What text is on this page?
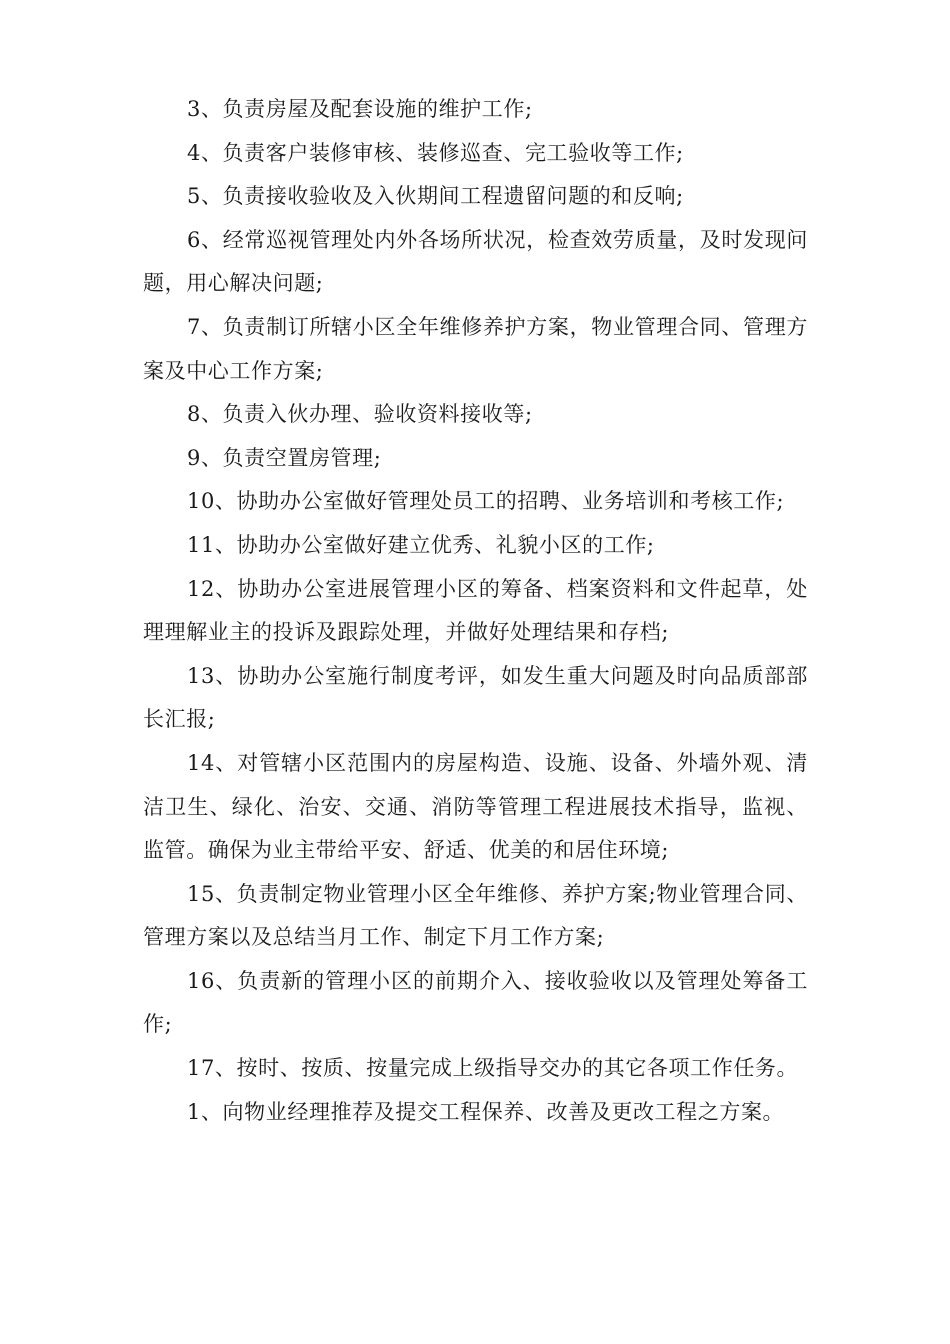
3、负责房屋及配套设施的维护工作;

4、负责客户装修审核、装修巡查、完工验收等工作;

5、负责接收验收及入伙期间工程遗留问题的和反响;

6、经常巡视管理处内外各场所状况，检查效劳质量，及时发现问题，用心解决问题;

7、负责制订所辖小区全年维修养护方案，物业管理合同、管理方案及中心工作方案;

8、负责入伙办理、验收资料接收等;

9、负责空置房管理;

10、协助办公室做好管理处员工的招聘、业务培训和考核工作;

11、协助办公室做好建立优秀、礼貌小区的工作;

12、协助办公室进展管理小区的筹备、档案资料和文件起草，处理理解业主的投诉及跟踪处理，并做好处理结果和存档;

13、协助办公室施行制度考评，如发生重大问题及时向品质部部长汇报;

14、对管辖小区范围内的房屋构造、设施、设备、外墙外观、清洁卫生、绿化、治安、交通、消防等管理工程进展技术指导，监视、监管。确保为业主带给平安、舒适、优美的和居住环境;

15、负责制定物业管理小区全年维修、养护方案;物业管理合同、管理方案以及总结当月工作、制定下月工作方案;

16、负责新的管理小区的前期介入、接收验收以及管理处筹备工作;

17、按时、按质、按量完成上级指导交办的其它各项工作任务。

1、向物业经理推荐及提交工程保养、改善及更改工程之方案。
